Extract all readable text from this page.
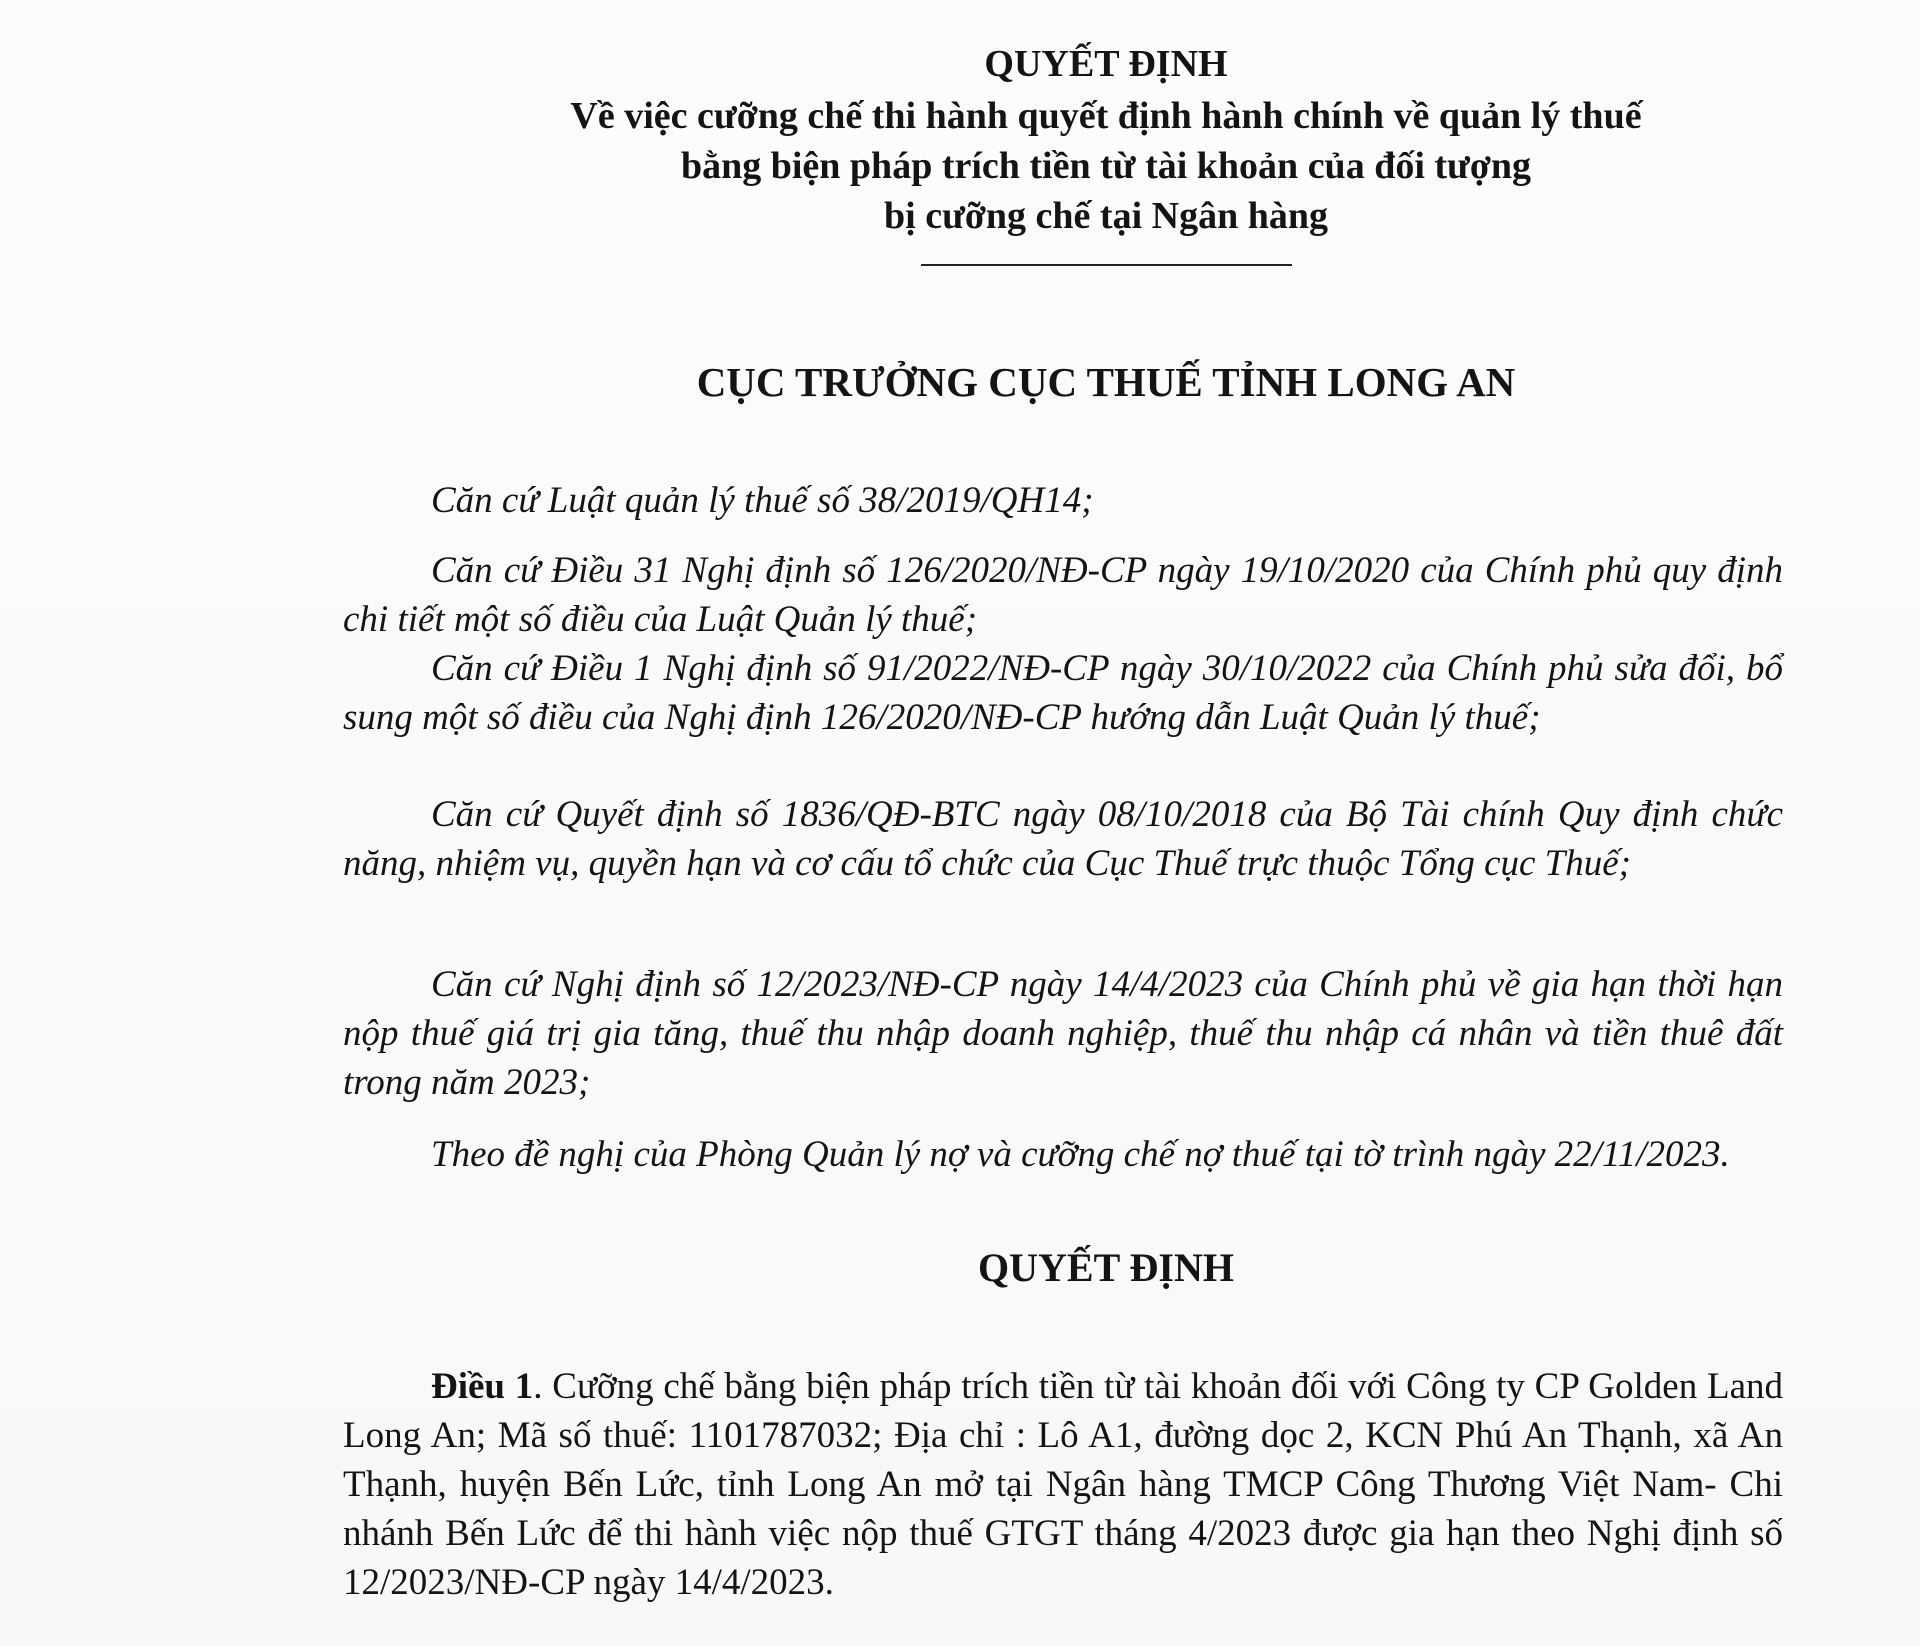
QUYẾT ĐỊNH
Về việc cưỡng chế thi hành quyết định hành chính về quản lý thuế
bằng biện pháp trích tiền từ tài khoản của đối tượng
bị cưỡng chế tại Ngân hàng
CỤC TRƯỞNG CỤC THUẾ TỈNH LONG AN

Căn cứ Luật quản lý thuế số 38/2019/QH14;

Căn cứ Điều 31 Nghị định số 126/2020/NĐ-CP ngày 19/10/2020 của Chính phủ quy định chi tiết một số điều của Luật Quản lý thuế;

Căn cứ Điều 1 Nghị định số 91/2022/NĐ-CP ngày 30/10/2022 của Chính phủ sửa đổi, bổ sung một số điều của Nghị định 126/2020/NĐ-CP hướng dẫn Luật Quản lý thuế;

Căn cứ Quyết định số 1836/QĐ-BTC ngày 08/10/2018 của Bộ Tài chính Quy định chức năng, nhiệm vụ, quyền hạn và cơ cấu tổ chức của Cục Thuế trực thuộc Tổng cục Thuế;

Căn cứ Nghị định số 12/2023/NĐ-CP ngày 14/4/2023 của Chính phủ về gia hạn thời hạn nộp thuế giá trị gia tăng, thuế thu nhập doanh nghiệp, thuế thu nhập cá nhân và tiền thuê đất trong năm 2023;

Theo đề nghị của Phòng Quản lý nợ và cưỡng chế nợ thuế tại tờ trình ngày 22/11/2023.

QUYẾT ĐỊNH

Điều 1. Cưỡng chế bằng biện pháp trích tiền từ tài khoản đối với Công ty CP Golden Land Long An; Mã số thuế: 1101787032; Địa chỉ : Lô A1, đường dọc 2, KCN Phú An Thạnh, xã An Thạnh, huyện Bến Lức, tỉnh Long An mở tại Ngân hàng TMCP Công Thương Việt Nam- Chi nhánh Bến Lức để thi hành việc nộp thuế GTGT tháng 4/2023 được gia hạn theo Nghị định số 12/2023/NĐ-CP ngày 14/4/2023.
